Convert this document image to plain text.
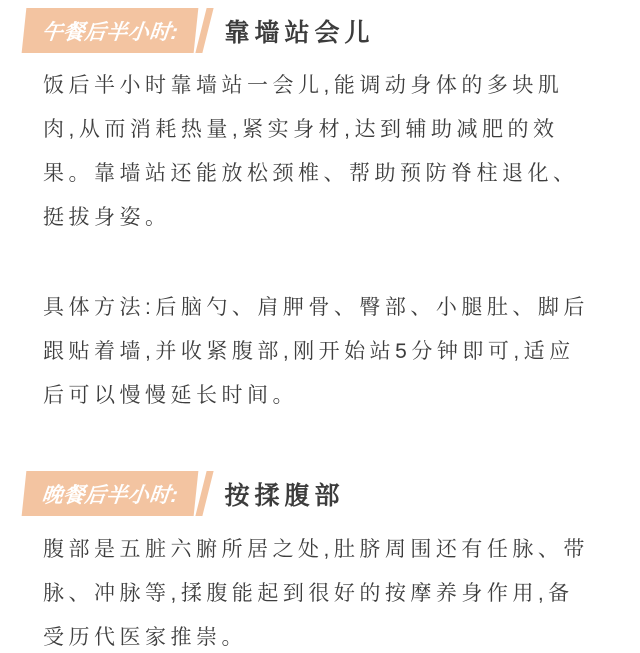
午餐后半小时: 靠墙站会儿

饭后半小时靠墙站一会儿,能调动身体的多块肌肉,从而消耗热量,紧实身材,达到辅助减肥的效果。靠墙站还能放松颈椎、帮助预防脊柱退化、挺拔身姿。

具体方法:后脑勺、肩胛骨、臀部、小腿肚、脚后跟贴着墙,并收紧腹部,刚开始站5分钟即可,适应后可以慢慢延长时间。

晚餐后半小时: 按揉腹部

腹部是五脏六腑所居之处,肚脐周围还有任脉、带脉、冲脉等,揉腹能起到很好的按摩养身作用,备受历代医家推崇。
